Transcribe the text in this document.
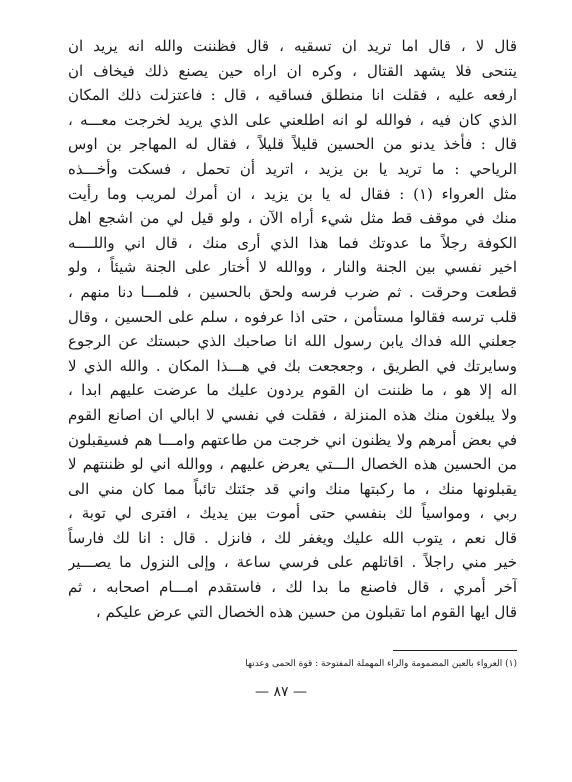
قال لا ، قال اما تريد ان تسقيه ، قال فظننت والله انه يريد ان
يتنحى فلا يشهد القتال ، وكره ان اراه حين يصنع ذلك فيخاف ان
ارفعه عليه ، فقلت انا منطلق فساقيه ، قال : فاعتزلت ذلك المكان
الذي كان فيه ، فوالله لو انه اطلعني على الذي يريد لخرجت معـــه ،
قال : فأخذ يدنو من الحسين قليلاً قليلاً ، فقال له المهاجر بن اوس
الرياحي : ما تريد يا بن يزيد ، اتريد أن تحمل ، فسكت وأخـــذه
مثل العرواء (١) : فقال له يا بن يزيد ، ان أمرك لمريب وما رأيت
منك في موقف قط مثل شيء أراه الآن ، ولو قيل لي من اشجع اهل
الكوفة رجلاً ما عدوتك فما هذا الذي أرى منك ، قال اني واللــــه
اخير نفسي بين الجنة والنار ، ووالله لا أختار على الجنة شيئاً ، ولو
قطعت وحرقت . ثم ضرب فرسه ولحق بالحسين ، فلمـــا دنا منهم ،
قلب ترسه فقالوا مستأمن ، حتى اذا عرفوه ، سلم على الحسين ، وقال
جعلني الله فداك يابن رسول الله انا صاحبك الذي حبستك عن الرجوع
وسايرتك في الطريق ، وجعجعت بك في هـــذا المكان . والله الذي لا
اله إلا هو ، ما ظننت ان القوم يردون عليك ما عرضت عليهم ابدا ،
ولا يبلغون منك هذه المنزلة ، فقلت في نفسي لا ابالي ان اصانع القوم
في بعض أمرهم ولا يظنون اني خرجت من طاعتهم وامـــا هم فسيقبلون
من الحسين هذه الخصال الـــتي يعرض عليهم ، ووالله اني لو ظننتهم لا
يقبلونها منك ، ما ركبتها منك واني قد جئتك تائباً مما كان مني الى
ربي ، ومواسياً لك بنفسي حتى أموت بين يديك ، افترى لي توبة ،
قال نعم ، يتوب الله عليك ويغفر لك ، فانزل . قال : انا لك فارساً
خير مني راجلاً . اقاتلهم على فرسي ساعة ، وإلى النزول ما يصـــير
آخر أمري ، قال فاصنع ما بدا لك ، فاستقدم امـــام اصحابه ، ثم
قال ايها القوم اما تقبلون من حسين هذه الخصال التي عرض عليكم ،
(١) العرواء بالعين المضمومة والراء المهملة المفتوحة : قوة الحمى وعدتها
— ٨٧ —
